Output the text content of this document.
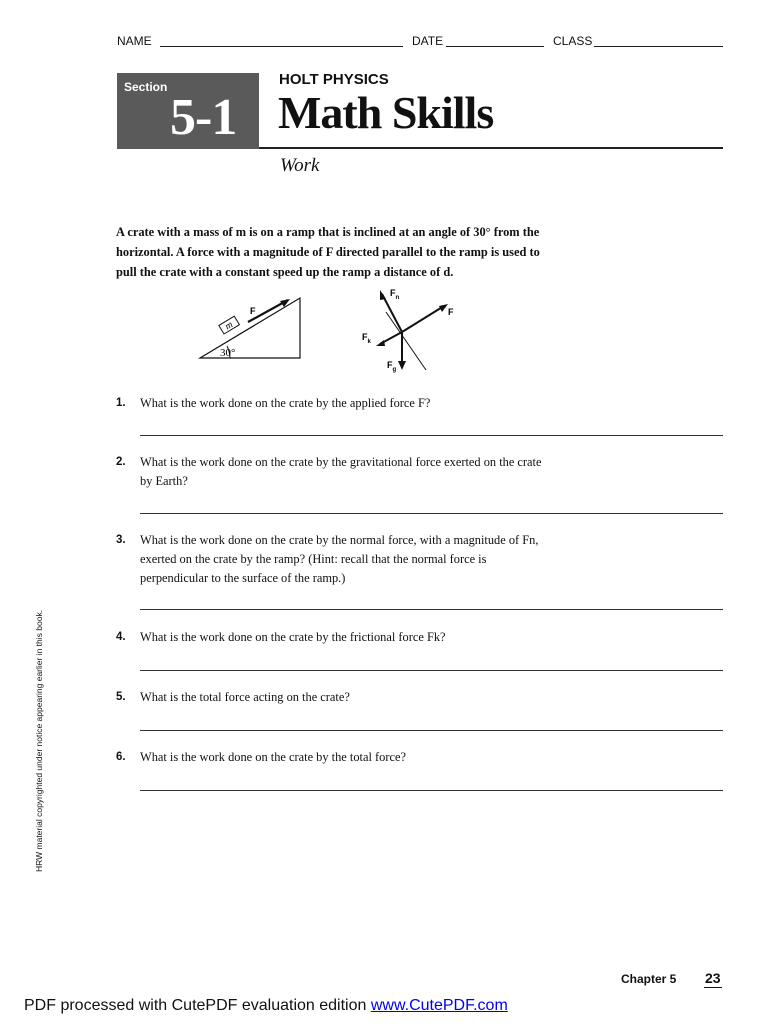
NAME	DATE	CLASS
Section
5-1
HOLT PHYSICS
Math Skills
Work
A crate with a mass of m is on a ramp that is inclined at an angle of 30° from the horizontal. A force with a magnitude of F directed parallel to the ramp is used to pull the crate with a constant speed up the ramp a distance of d.
30°
m
F
$F_n$
F
$F_k$
$F_g$
1. What is the work done on the crate by the applied force F?
2. What is the work done on the crate by the gravitational force exerted on the crate by Earth?
3. What is the work done on the crate by the normal force, with a magnitude of Fn, exerted on the crate by the ramp? (Hint: recall that the normal force is perpendicular to the surface of the ramp.)
4. What is the work done on the crate by the frictional force Fk?
5. What is the total force acting on the crate?
6. What is the work done on the crate by the total force?
HRW material copyrighted under notice appearing earlier in this book.
Chapter 5 23
PDF processed with CutePDF evaluation edition www.CutePDF.com
